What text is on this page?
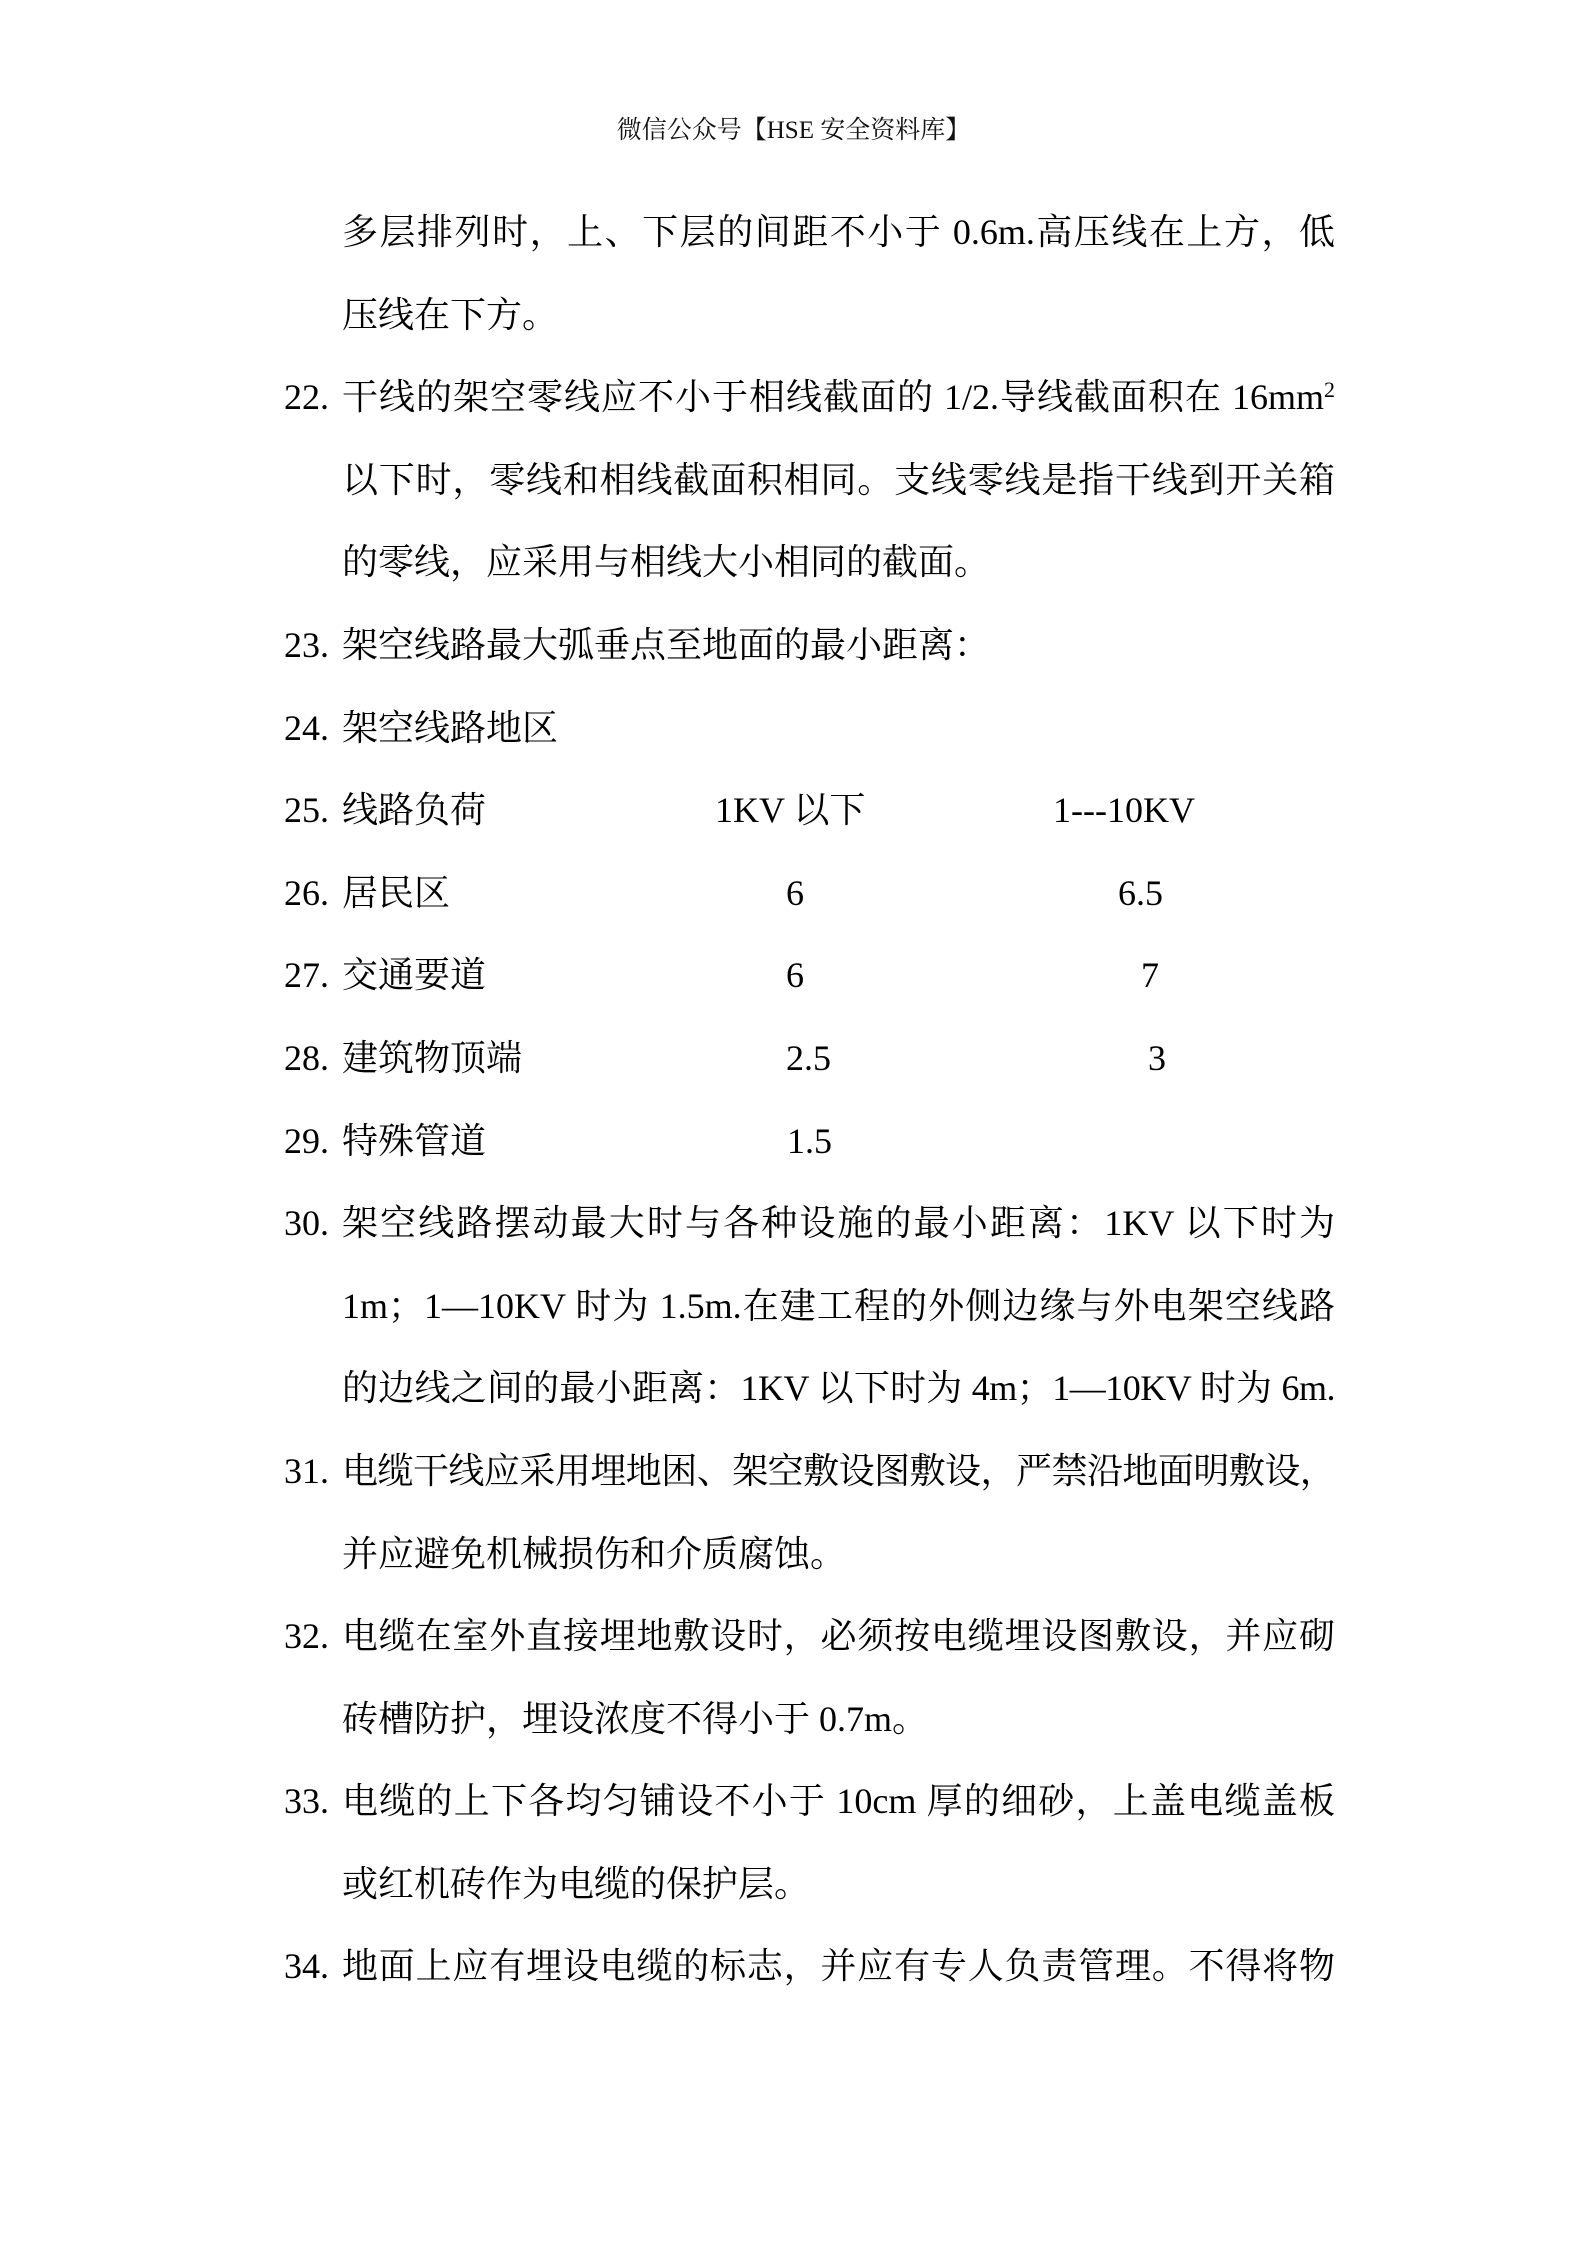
微信公众号【HSE 安全资料库】
多层排列时，上、下层的间距不小于 0.6m.高压线在上方，低
压线在下方。
22. 干线的架空零线应不小于相线截面的 1/2.导线截面积在 $16mm^2$
以下时，零线和相线截面积相同。支线零线是指干线到开关箱
的零线，应采用与相线大小相同的截面。
23. 架空线路最大弧垂点至地面的最小距离：
24. 架空线路地区
25. 线路负荷	1KV 以下	1---10KV
26. 居民区	6	6.5
27. 交通要道	6	7
28. 建筑物顶端	2.5	3
29. 特殊管道	1.5
30. 架空线路摆动最大时与各种设施的最小距离：1KV 以下时为
1m；1—10KV 时为 1.5m.在建工程的外侧边缘与外电架空线路
的边线之间的最小距离：1KV 以下时为 4m；1—10KV 时为 6m.
31. 电缆干线应采用埋地困、架空敷设图敷设，严禁沿地面明敷设，
并应避免机械损伤和介质腐蚀。
32. 电缆在室外直接埋地敷设时，必须按电缆埋设图敷设，并应砌
砖槽防护，埋设浓度不得小于 0.7m。
33. 电缆的上下各均匀铺设不小于 10cm 厚的细砂，上盖电缆盖板
或红机砖作为电缆的保护层。
34. 地面上应有埋设电缆的标志，并应有专人负责管理。不得将物
